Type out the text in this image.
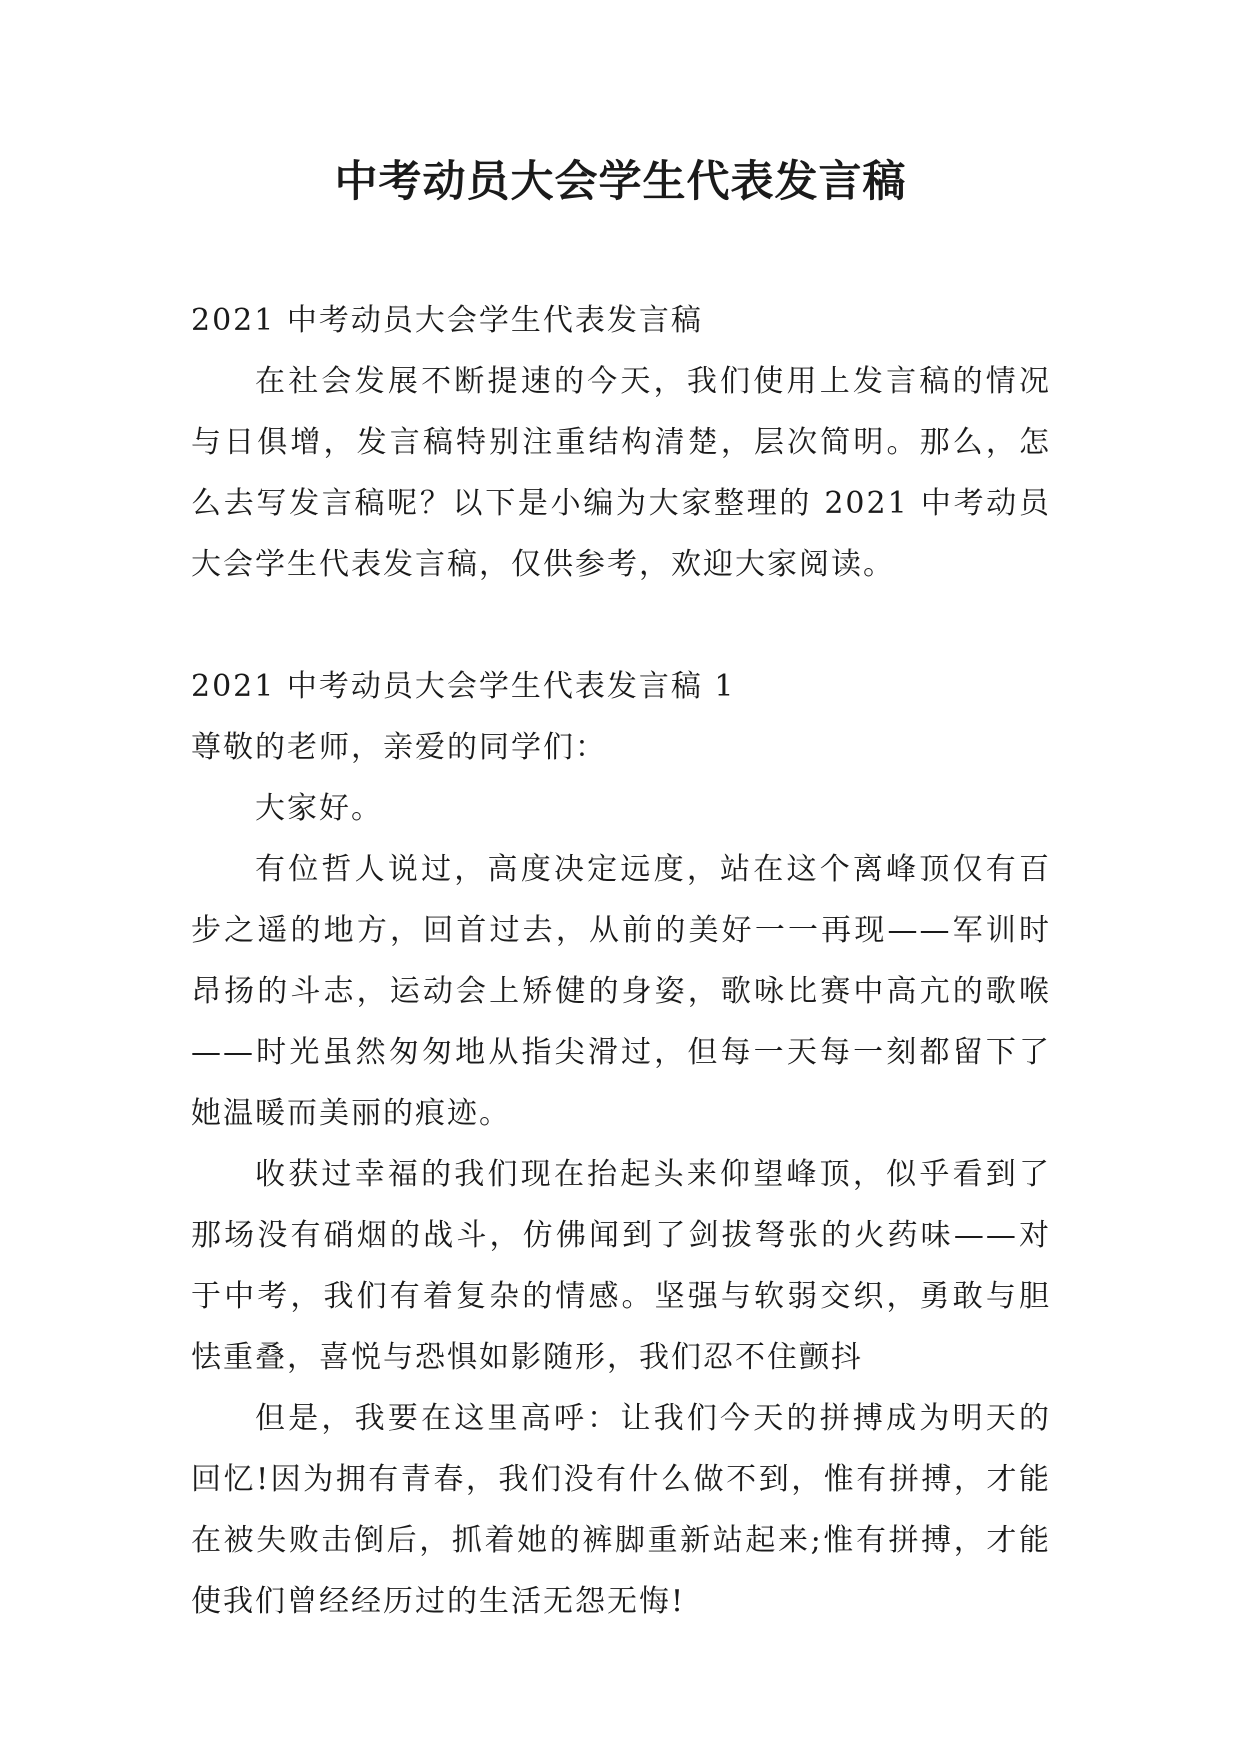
中考动员大会学生代表发言稿

2021 中考动员大会学生代表发言稿

在社会发展不断提速的今天，我们使用上发言稿的情况与日俱增，发言稿特别注重结构清楚，层次简明。那么，怎么去写发言稿呢？以下是小编为大家整理的 2021 中考动员大会学生代表发言稿，仅供参考，欢迎大家阅读。

2021 中考动员大会学生代表发言稿 1

尊敬的老师，亲爱的同学们：

大家好。

有位哲人说过，高度决定远度，站在这个离峰顶仅有百步之遥的地方，回首过去，从前的美好一一再现——军训时昂扬的斗志，运动会上矫健的身姿，歌咏比赛中高亢的歌喉——时光虽然匆匆地从指尖滑过，但每一天每一刻都留下了她温暖而美丽的痕迹。

收获过幸福的我们现在抬起头来仰望峰顶，似乎看到了那场没有硝烟的战斗，仿佛闻到了剑拔弩张的火药味——对于中考，我们有着复杂的情感。坚强与软弱交织，勇敢与胆怯重叠，喜悦与恐惧如影随形，我们忍不住颤抖

但是，我要在这里高呼：让我们今天的拼搏成为明天的回忆!因为拥有青春，我们没有什么做不到，惟有拼搏，才能在被失败击倒后，抓着她的裤脚重新站起来;惟有拼搏，才能使我们曾经经历过的生活无怨无悔!
